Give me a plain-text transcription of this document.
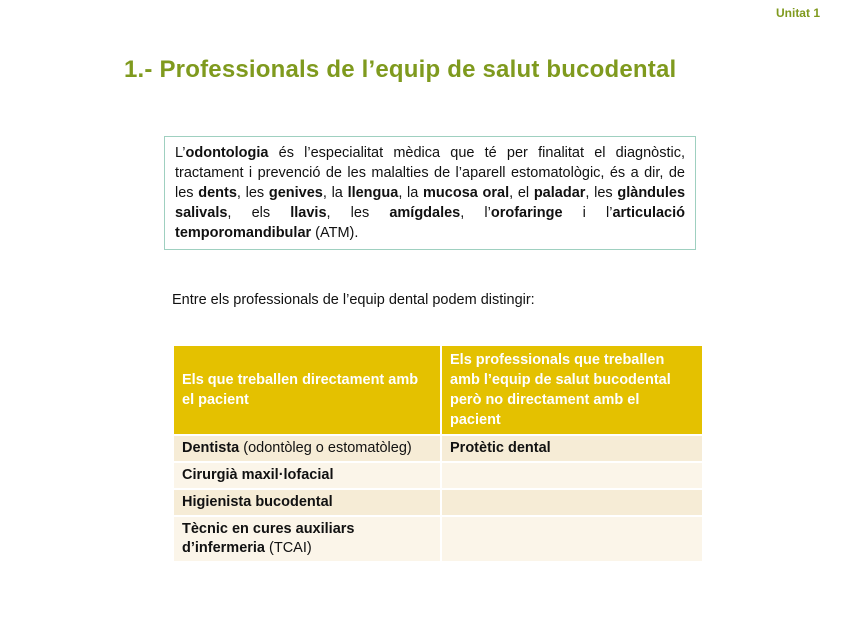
Unitat 1
1.- Professionals de l’equip de salut bucodental
L’odontologia és l’especialitat mèdica que té per finalitat el diagnòstic, tractament i prevenció de les malalties de l’aparell estomatològic, és a dir, de les dents, les genives, la llengua, la mucosa oral, el paladar, les glàndules salivals, els llavis, les amígdales, l’orofaringe i l’articulació temporomandibular (ATM).
Entre els professionals de l’equip dental podem distingir:
Els que treballen directament amb el pacient	Els professionals que treballen amb l’equip de salut bucodental però no directament amb el pacient
Dentista (odontòleg o estomatòleg)	Protètic dental
Cirurgià maxil·lofacial	
Higienista bucodental	
Tècnic en cures auxiliars d’infermeria (TCAI)	
